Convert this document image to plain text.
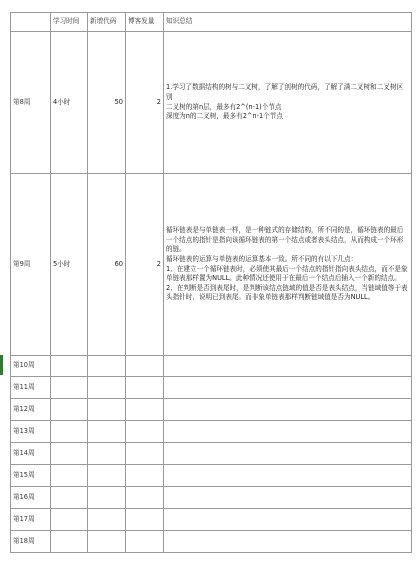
	学习时间	新增代码	博客发量	知识总结
第8周	4小时	50	2	1.学习了数据结构的树与二叉树，了解了创树的代码，了解了满二叉树和二叉树区别
二叉树的第n层，最多有2^(n-1)个节点
深度为n的二叉树，最多有2^n-1个节点

第9周	5小时	60	2	循环链表是与单链表一样，是一种链式的存储结构，所不同的是，循环链表的最后一个结点的指针是指向该循环链表的第一个结点或者表头结点，从而构成一个环形的链。
循环链表的运算与单链表的运算基本一致。所不同的有以下几点：
1、在建立一个循环链表时，必须使其最后一个结点的指针指向表头结点，而不是象单链表那样置为NULL。此种情况还使用于在最后一个结点后插入一个新的结点。
2、在判断是否到表尾时，是判断该结点链域的值是否是表头结点，当链域值等于表头指针时，说明已到表尾。而非象单链表那样判断链域值是否为NULL。

第10周				
第11周				
第12周				
第13周				
第14周				
第15周				
第16周				
第17周				
第18周				
